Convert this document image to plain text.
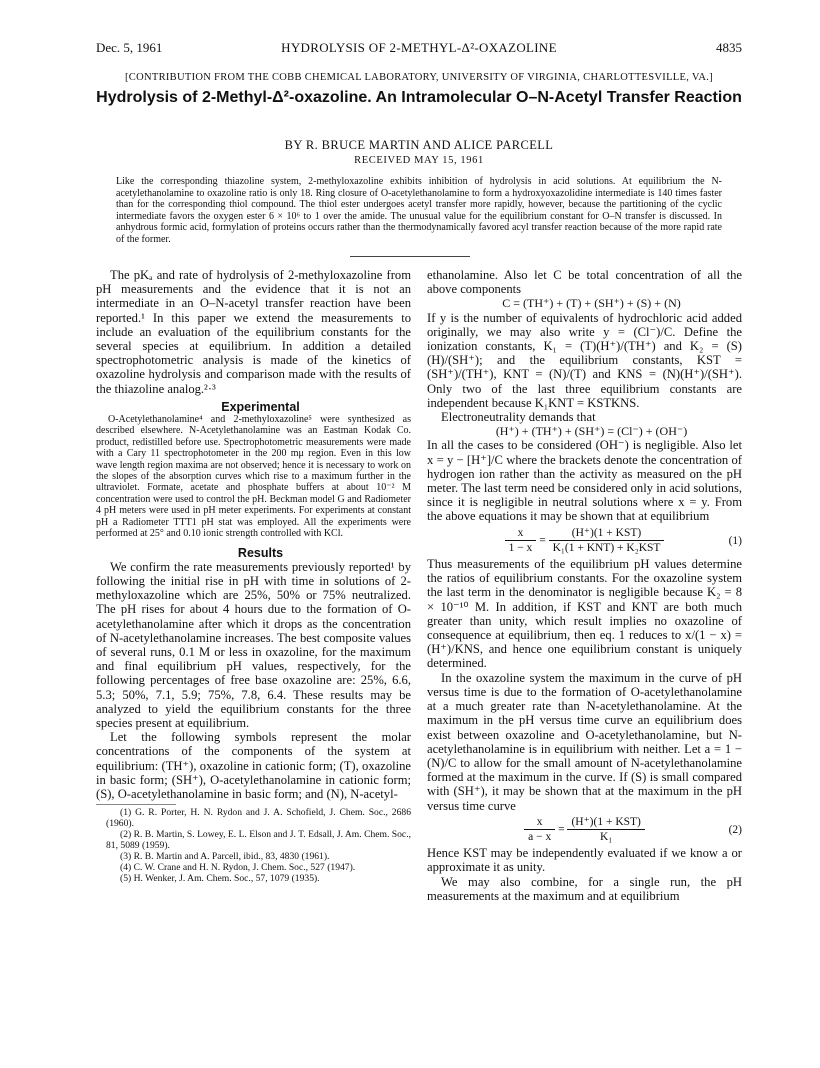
Dec. 5, 1961	HYDROLYSIS OF 2-METHYL-Δ²-OXAZOLINE	4835
[CONTRIBUTION FROM THE COBB CHEMICAL LABORATORY, UNIVERSITY OF VIRGINIA, CHARLOTTESVILLE, VA.]
Hydrolysis of 2-Methyl-Δ²-oxazoline. An Intramolecular O–N-Acetyl Transfer Reaction
BY R. BRUCE MARTIN AND ALICE PARCELL
RECEIVED MAY 15, 1961
Like the corresponding thiazoline system, 2-methyloxazoline exhibits inhibition of hydrolysis in acid solutions. At equilibrium the N-acetylethanolamine to oxazoline ratio is only 18. Ring closure of O-acetylethanolamine to form a hydroxyoxazolidine intermediate is 140 times faster than for the corresponding thiol compound. The thiol ester undergoes acetyl transfer more rapidly, however, because the partitioning of the cyclic intermediate favors the oxygen ester 6 × 10⁶ to 1 over the amide. The unusual value for the equilibrium constant for O–N transfer is discussed. In anhydrous formic acid, formylation of proteins occurs rather than the thermodynamically favored acyl transfer reaction because of the more rapid rate of the former.

The pKₐ and rate of hydrolysis of 2-methyloxazoline from pH measurements and the evidence that it is not an intermediate in an O–N-acetyl transfer reaction have been reported.¹ In this paper we extend the measurements to include an evaluation of the equilibrium constants for the several species at equilibrium. In addition a detailed spectrophotometric analysis is made of the kinetics of oxazoline hydrolysis and comparison made with the results of the thiazoline analog.²·³

Experimental

O-Acetylethanolamine⁴ and 2-methyloxazoline⁵ were synthesized as described elsewhere. N-Acetylethanolamine was an Eastman Kodak Co. product, redistilled before use. Spectrophotometric measurements were made with a Cary 11 spectrophotometer in the 200 mμ region. Even in this low wave length region maxima are not observed; hence it is necessary to work on the slopes of the absorption curves which rise to a maximum further in the ultraviolet. Formate, acetate and phosphate buffers at about 10⁻² M concentration were used to control the pH. Beckman model G and Radiometer 4 pH meters were used in pH meter experiments. For experiments at constant pH a Radiometer TTT1 pH stat was employed. All the experiments were performed at 25° and 0.10 ionic strength controlled with KCl.

Results

We confirm the rate measurements previously reported¹ by following the initial rise in pH with time in solutions of 2-methyloxazoline which are 25%, 50% or 75% neutralized. The pH rises for about 4 hours due to the formation of O-acetylethanolamine after which it drops as the concentration of N-acetylethanolamine increases. The best composite values of several runs, 0.1 M or less in oxazoline, for the maximum and final equilibrium pH values, respectively, for the following percentages of free base oxazoline are: 25%, 6.6, 5.3; 50%, 7.1, 5.9; 75%, 7.8, 6.4. These results may be analyzed to yield the equilibrium constants for the three species present at equilibrium.

Let the following symbols represent the molar concentrations of the components of the system at equilibrium: (TH⁺), oxazoline in cationic form; (T), oxazoline in basic form; (SH⁺), O-acetylethanolamine in cationic form; (S), O-acetylethanolamine in basic form; and (N), N-acetyl-

(1) G. R. Porter, H. N. Rydon and J. A. Schofield, J. Chem. Soc., 2686 (1960).

(2) R. B. Martin, S. Lowey, E. L. Elson and J. T. Edsall, J. Am. Chem. Soc., 81, 5089 (1959).

(3) R. B. Martin and A. Parcell, ibid., 83, 4830 (1961).

(4) C. W. Crane and H. N. Rydon, J. Chem. Soc., 527 (1947).

(5) H. Wenker, J. Am. Chem. Soc., 57, 1079 (1935).

ethanolamine. Also let C be total concentration of all the above components

C = (TH⁺) + (T) + (SH⁺) + (S) + (N)

If y is the number of equivalents of hydrochloric acid added originally, we may also write y = (Cl⁻)/C. Define the ionization constants, K₁ = (T)(H⁺)/(TH⁺) and K₂ = (S)(H)/(SH⁺); and the equilibrium constants, KST = (SH⁺)/(TH⁺), KNT = (N)/(T) and KNS = (N)(H⁺)/(SH⁺). Only two of the last three equilibrium constants are independent because K₁KNT = KSTKNS.

Electroneutrality demands that

(H⁺) + (TH⁺) + (SH⁺) = (Cl⁻) + (OH⁻)

In all the cases to be considered (OH⁻) is negligible. Also let x = y − [H⁺]/C where the brackets denote the concentration of hydrogen ion rather than the activity as measured on the pH meter. The last term need be considered only in acid solutions, since it is negligible in neutral solutions where x = y. From the above equations it may be shown that at equilibrium

$\frac{x}{1 - x} = \frac{\text{(H⁺)(1 + KST)}}{\text{K₁(1 + KNT) + K₂KST}}$	(1)

Thus measurements of the equilibrium pH values determine the ratios of equilibrium constants. For the oxazoline system the last term in the denominator is negligible because K₂ = 8 × 10⁻¹⁰ M. In addition, if KST and KNT are both much greater than unity, which result implies no oxazoline of consequence at equilibrium, then eq. 1 reduces to x/(1 − x) = (H⁺)/KNS, and hence one equilibrium constant is uniquely determined.

In the oxazoline system the maximum in the curve of pH versus time is due to the formation of O-acetylethanolamine at a much greater rate than N-acetylethanolamine. At the maximum in the pH versus time curve an equilibrium does exist between oxazoline and O-acetylethanolamine, but N-acetylethanolamine is in equilibrium with neither. Let a = 1 − (N)/C to allow for the small amount of N-acetylethanolamine formed at the maximum in the curve. If (S) is small compared with (SH⁺), it may be shown that at the maximum in the pH versus time curve

$\frac{x}{a - x} = \frac{\text{(H⁺)(1 + KST)}}{\text{K₁}}$	(2)

Hence KST may be independently evaluated if we know a or approximate it as unity.

We may also combine, for a single run, the pH measurements at the maximum and at equilibrium
